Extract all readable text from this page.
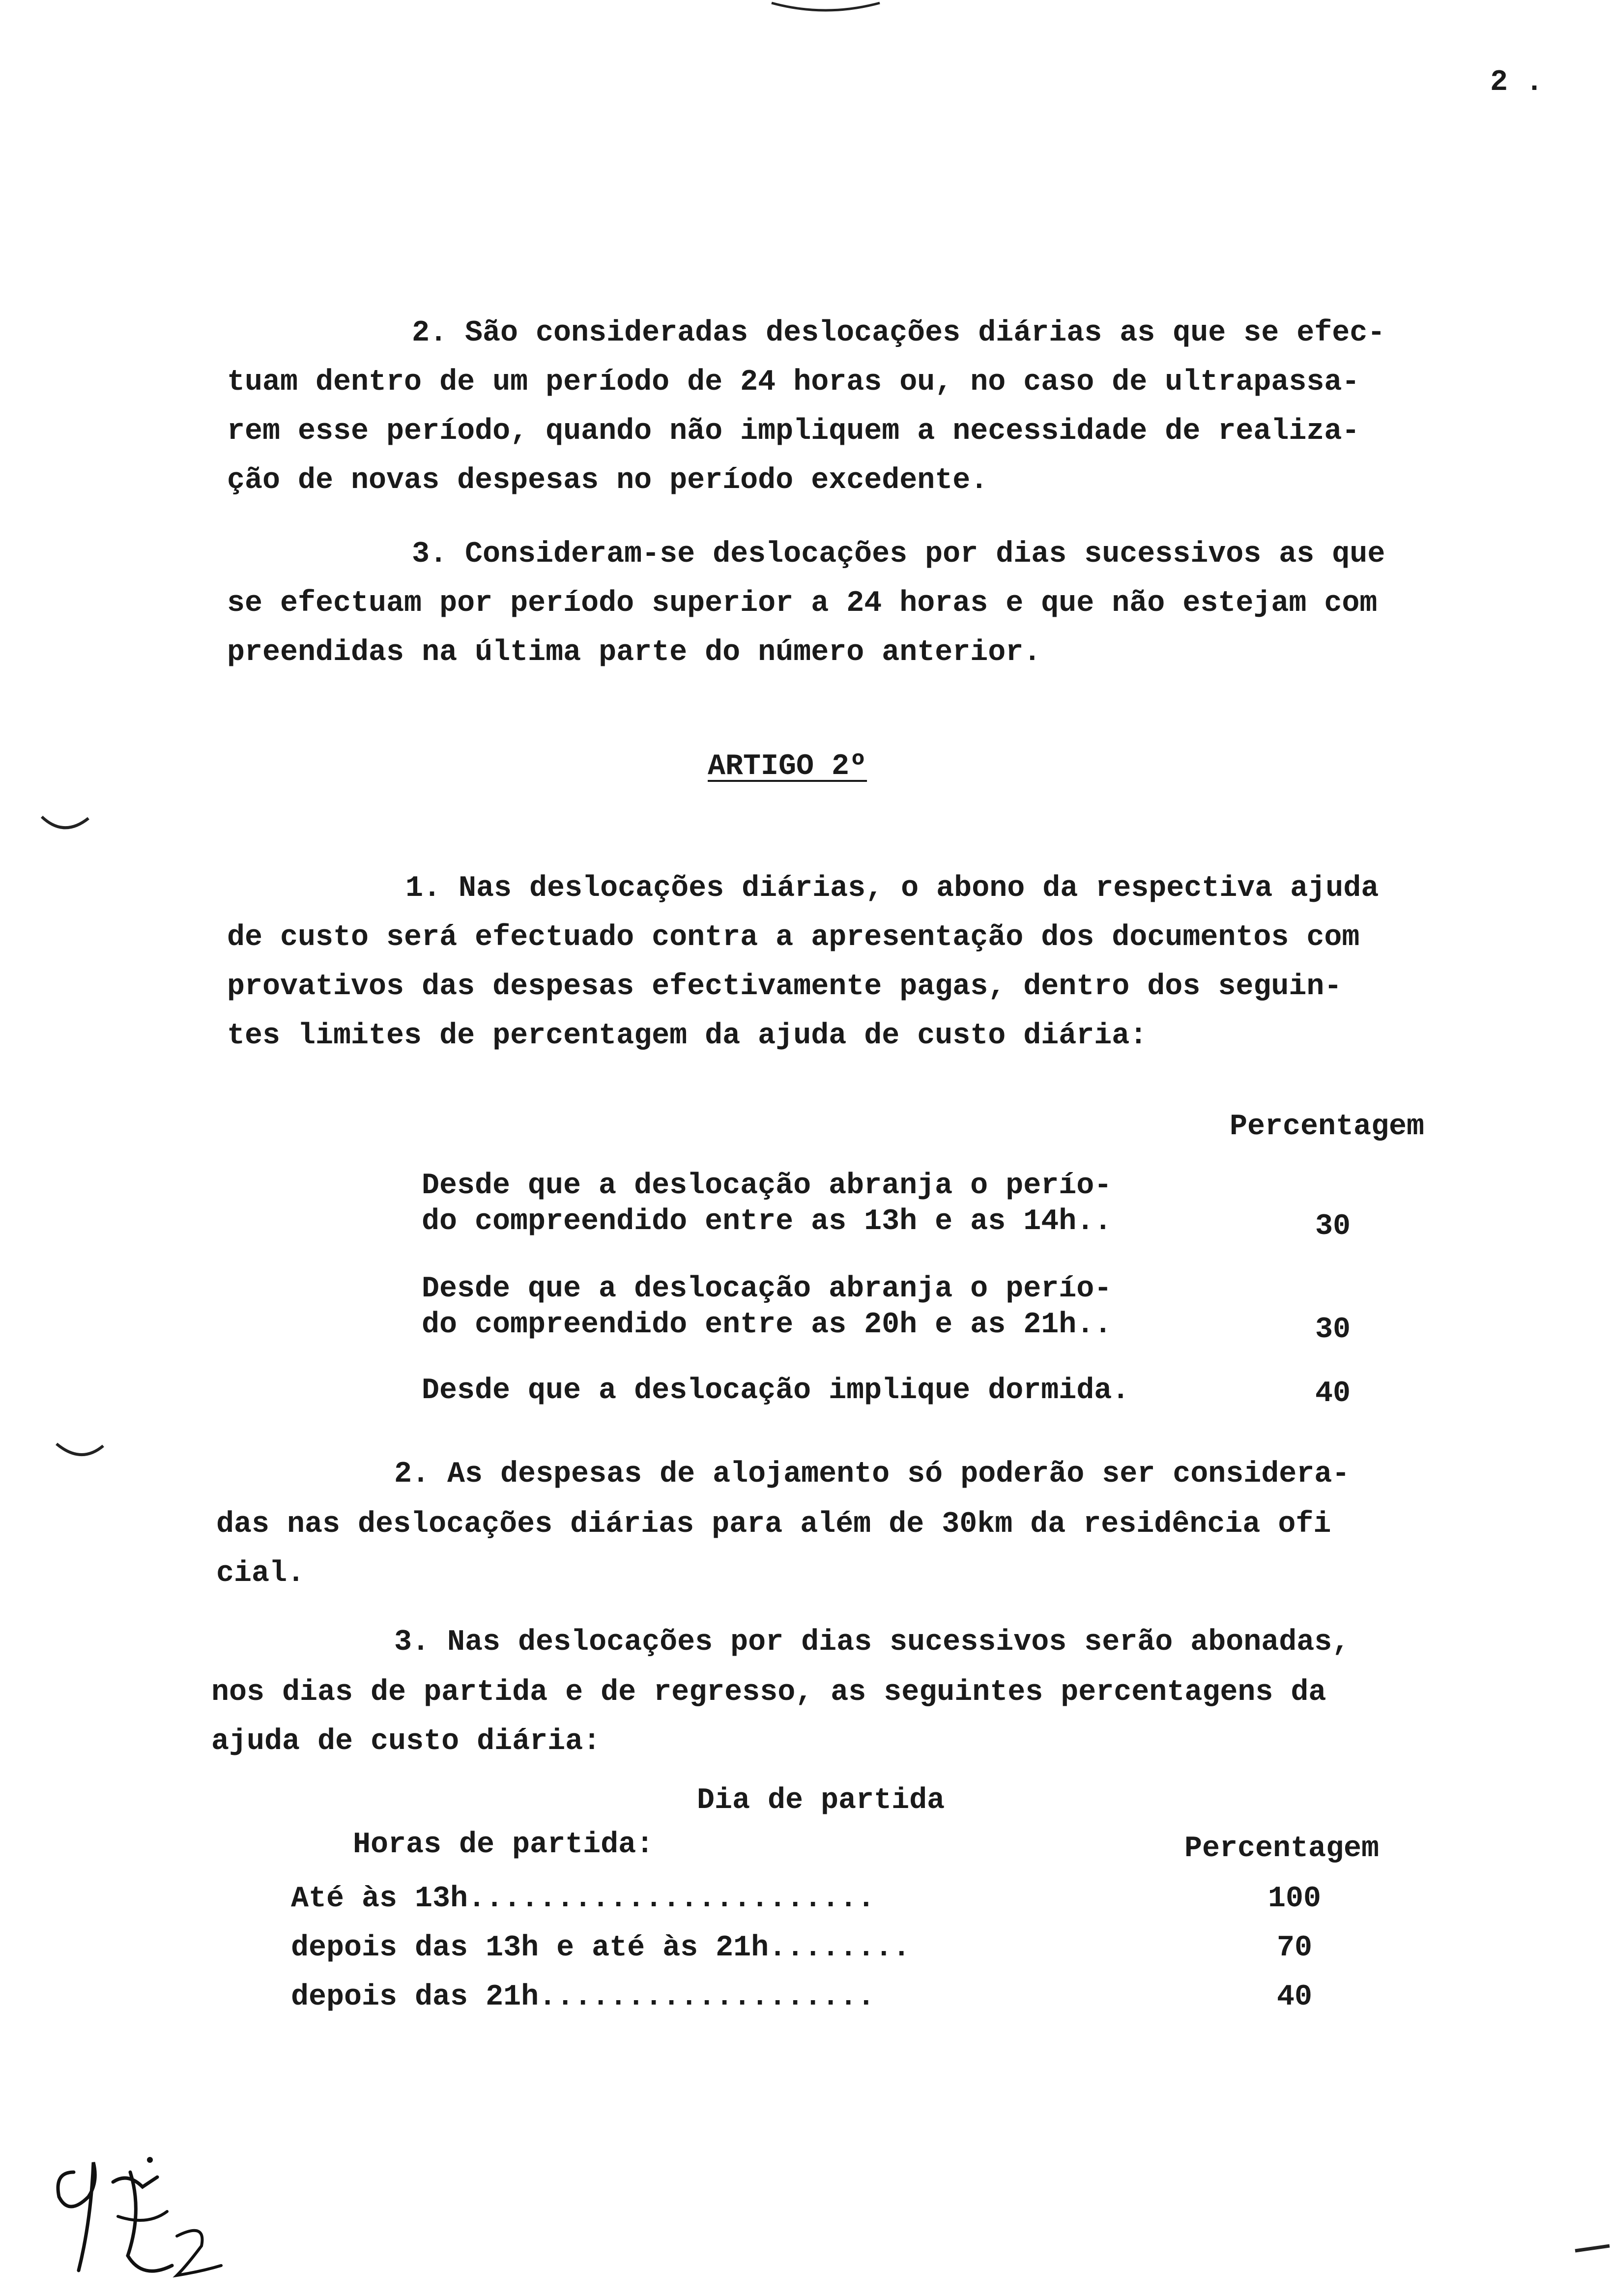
2 .
2. São consideradas deslocações diárias as que se efec-
tuam dentro de um período de 24 horas ou, no caso de ultrapassa-
rem esse período, quando não impliquem a necessidade de realiza-
ção de novas despesas no período excedente.
3. Consideram-se deslocações por dias sucessivos as que
se efectuam por período superior a 24 horas e que não estejam com
preendidas na última parte do número anterior.
ARTIGO 2º
1. Nas deslocações diárias, o abono da respectiva ajuda
de custo será efectuado contra a apresentação dos documentos com
provativos das despesas efectivamente pagas, dentro dos seguin-
tes limites de percentagem da ajuda de custo diária:
Percentagem
Desde que a deslocação abranja o perío-
do compreendido entre as 13h e as 14h..	30
Desde que a deslocação abranja o perío-
do compreendido entre as 20h e as 21h..	30
Desde que a deslocação implique dormida.	40
2. As despesas de alojamento só poderão ser considera-
das nas deslocações diárias para além de 30km da residência ofi
cial.
3. Nas deslocações por dias sucessivos serão abonadas,
nos dias de partida e de regresso, as seguintes percentagens da
ajuda de custo diária:
Dia de partida
Horas de partida:	Percentagem
Até às 13h.......................	100
depois das 13h e até às 21h........	70
depois das 21h...................	40
